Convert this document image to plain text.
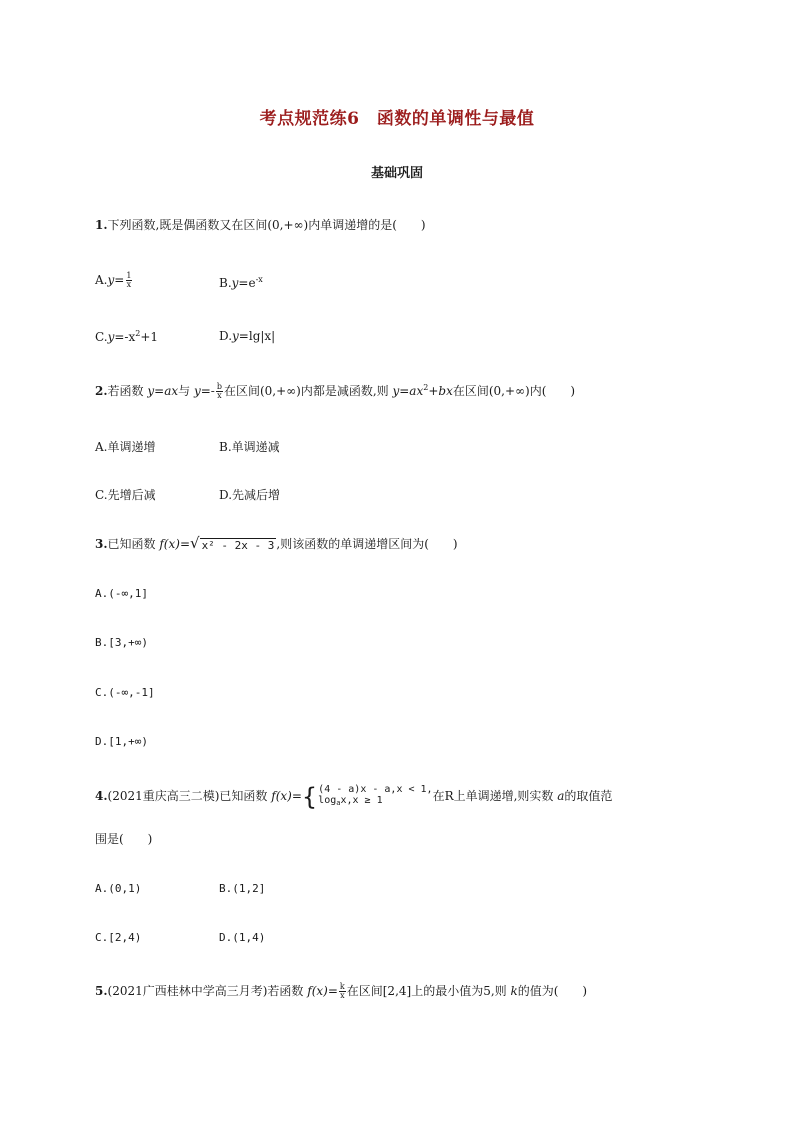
考点规范练6　函数的单调性与最值
基础巩固
1.下列函数,既是偶函数又在区间(0,+∞)内单调递增的是(　　)
$A.y= \frac{1}{x}$	$B.y=e^{-x}$
$C.y=-x^2+1$	D.y=lg|x|
2.若函数 y=ax与 $y=- \frac{b}{x}$ 在区间(0,+∞)内都是减函数,则 $y=ax^2+bx$在区间(0,+∞)内(　　)
A.单调递增	B.单调递减
C.先增后减	D.先减后增
3.已知函数 f(x)= √ x² - 2x - 3 ,则该函数的单调递增区间为(　　)
A.(-∞,1]
B.[3,+∞)
C.(-∞,-1]
D.[1,+∞)
4.(2021重庆高三二模)已知函数 f(x)= { (4 - a)x - a,x < 1,
$\log_ax,x \ge 1$	在R上单调递增,则实数 a的取值范
围是(　　)
A.(0,1)	B.(1,2]
C.[2,4)	D.(1,4)
5.(2021广西桂林中学高三月考)若函数 $f(x)= \frac{k}{x}$ 在区间[2,4]上的最小值为5,则 k的值为(　　)
